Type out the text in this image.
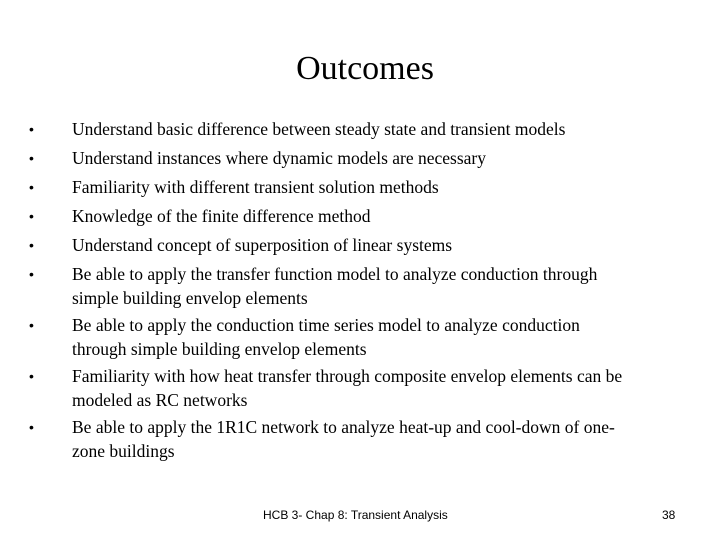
Outcomes
•	Understand basic difference between steady state and transient models
•	Understand instances where dynamic models are necessary
•	Familiarity with different transient solution methods
•	Knowledge of the finite difference method
•	Understand concept of superposition of linear systems
•	Be able to apply the transfer function model to analyze conduction through
simple building envelop elements
•	Be able to apply the conduction time series model to analyze conduction
through simple building envelop elements
•	Familiarity with how heat transfer through composite envelop elements can be
modeled as RC networks
•	Be able to apply the 1R1C network to analyze heat-up and cool-down of one-
zone buildings
HCB 3- Chap 8: Transient Analysis	38
